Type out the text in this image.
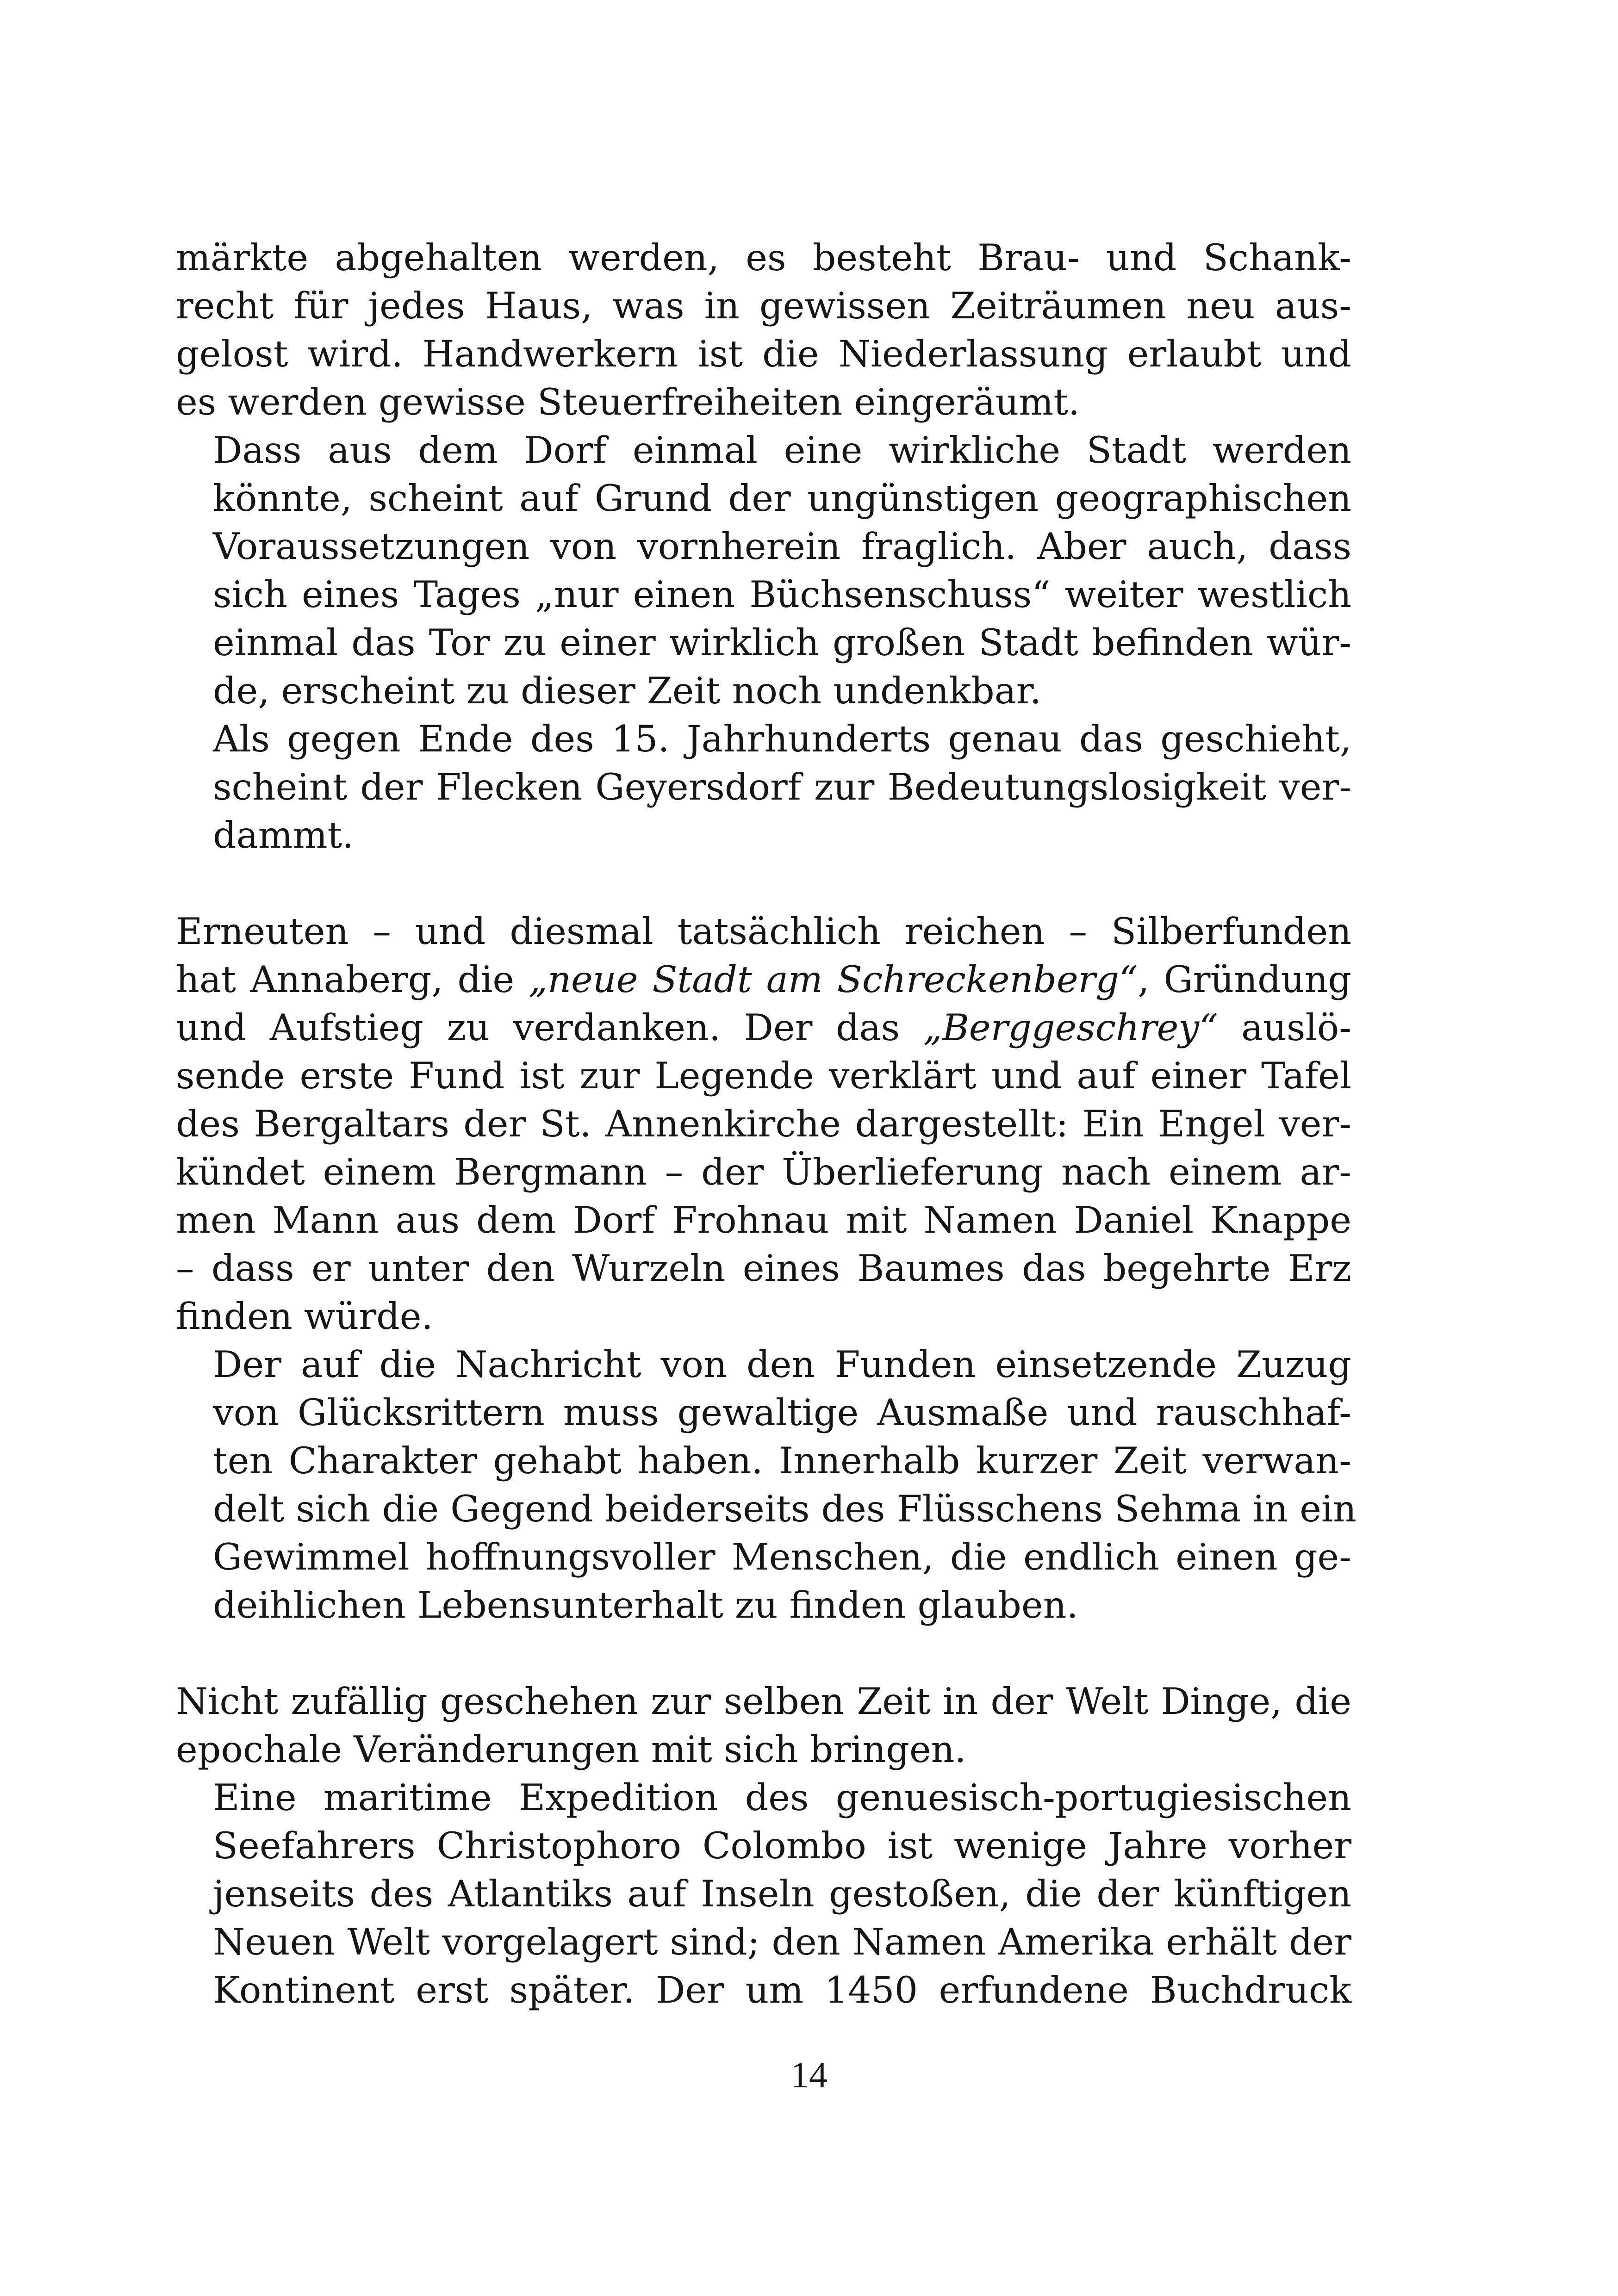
märkte abgehalten werden, es besteht Brau- und Schank-
recht für jedes Haus, was in gewissen Zeiträumen neu aus-
gelost wird. Handwerkern ist die Niederlassung erlaubt und
es werden gewisse Steuerfreiheiten eingeräumt.
Dass aus dem Dorf einmal eine wirkliche Stadt werden
könnte, scheint auf Grund der ungünstigen geographischen
Voraussetzungen von vornherein fraglich. Aber auch, dass
sich eines Tages „nur einen Büchsenschuss“ weiter westlich
einmal das Tor zu einer wirklich großen Stadt befinden wür-
de, erscheint zu dieser Zeit noch undenkbar.
Als gegen Ende des 15. Jahrhunderts genau das geschieht,
scheint der Flecken Geyersdorf zur Bedeutungslosigkeit ver-
dammt.
Erneuten – und diesmal tatsächlich reichen – Silberfunden
hat Annaberg, die „neue Stadt am Schreckenberg“, Gründung
und Aufstieg zu verdanken. Der das „Berggeschrey“ auslö-
sende erste Fund ist zur Legende verklärt und auf einer Tafel
des Bergaltars der St. Annenkirche dargestellt: Ein Engel ver-
kündet einem Bergmann – der Überlieferung nach einem ar-
men Mann aus dem Dorf Frohnau mit Namen Daniel Knappe
– dass er unter den Wurzeln eines Baumes das begehrte Erz
finden würde.
Der auf die Nachricht von den Funden einsetzende Zuzug
von Glücksrittern muss gewaltige Ausmaße und rauschhaf-
ten Charakter gehabt haben. Innerhalb kurzer Zeit verwan-
delt sich die Gegend beiderseits des Flüsschens Sehma in ein
Gewimmel hoffnungsvoller Menschen, die endlich einen ge-
deihlichen Lebensunterhalt zu finden glauben.
Nicht zufällig geschehen zur selben Zeit in der Welt Dinge, die
epochale Veränderungen mit sich bringen.
Eine maritime Expedition des genuesisch-portugiesischen
Seefahrers Christophoro Colombo ist wenige Jahre vorher
jenseits des Atlantiks auf Inseln gestoßen, die der künftigen
Neuen Welt vorgelagert sind; den Namen Amerika erhält der
Kontinent erst später. Der um 1450 erfundene Buchdruck
14
